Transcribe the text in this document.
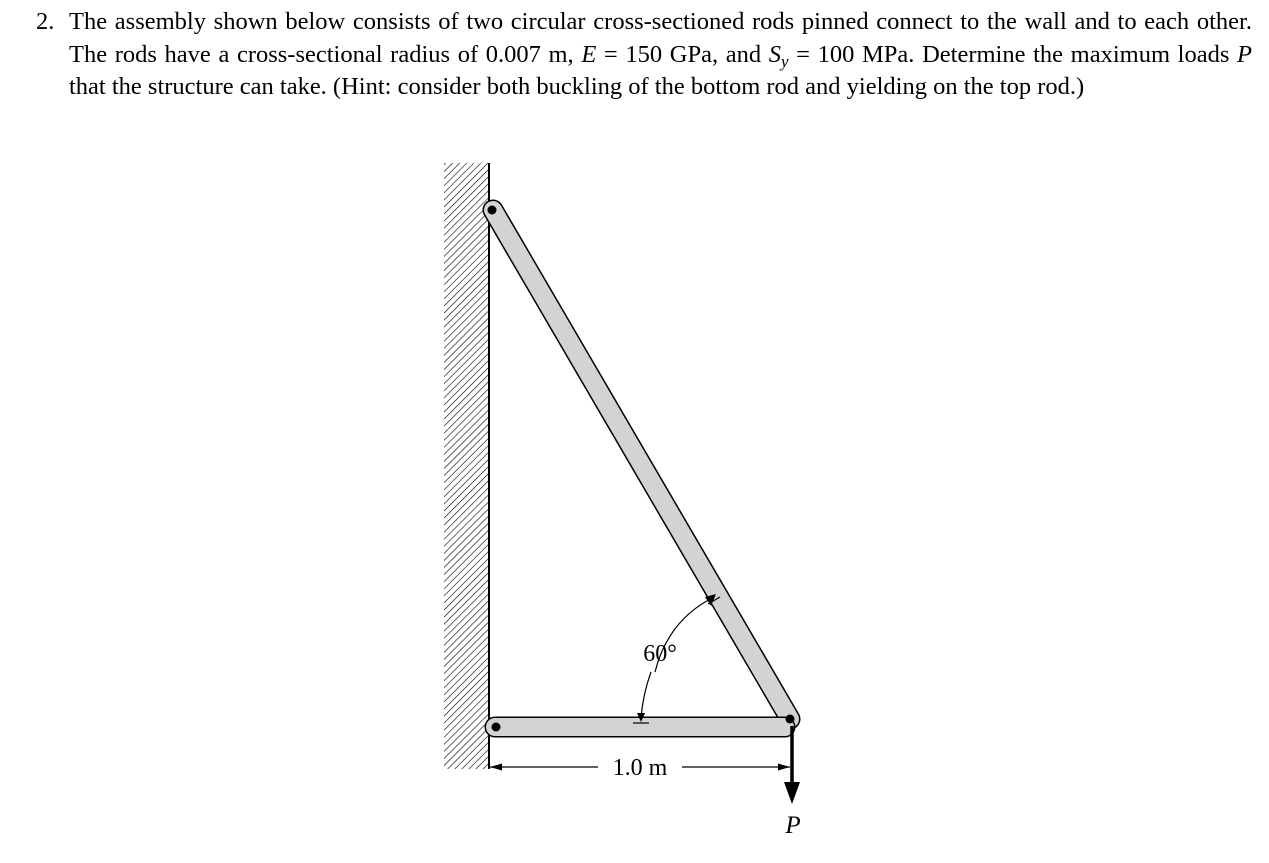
2. The assembly shown below consists of two circular cross-sectioned rods pinned connect to the wall and to each other. The rods have a cross-sectional radius of 0.007 m, E = 150 GPa, and $S_y = 100$ MPa. Determine the maximum loads P that the structure can take. (Hint: consider both buckling of the bottom rod and yielding on the top rod.)
P
60°
1.0 m
